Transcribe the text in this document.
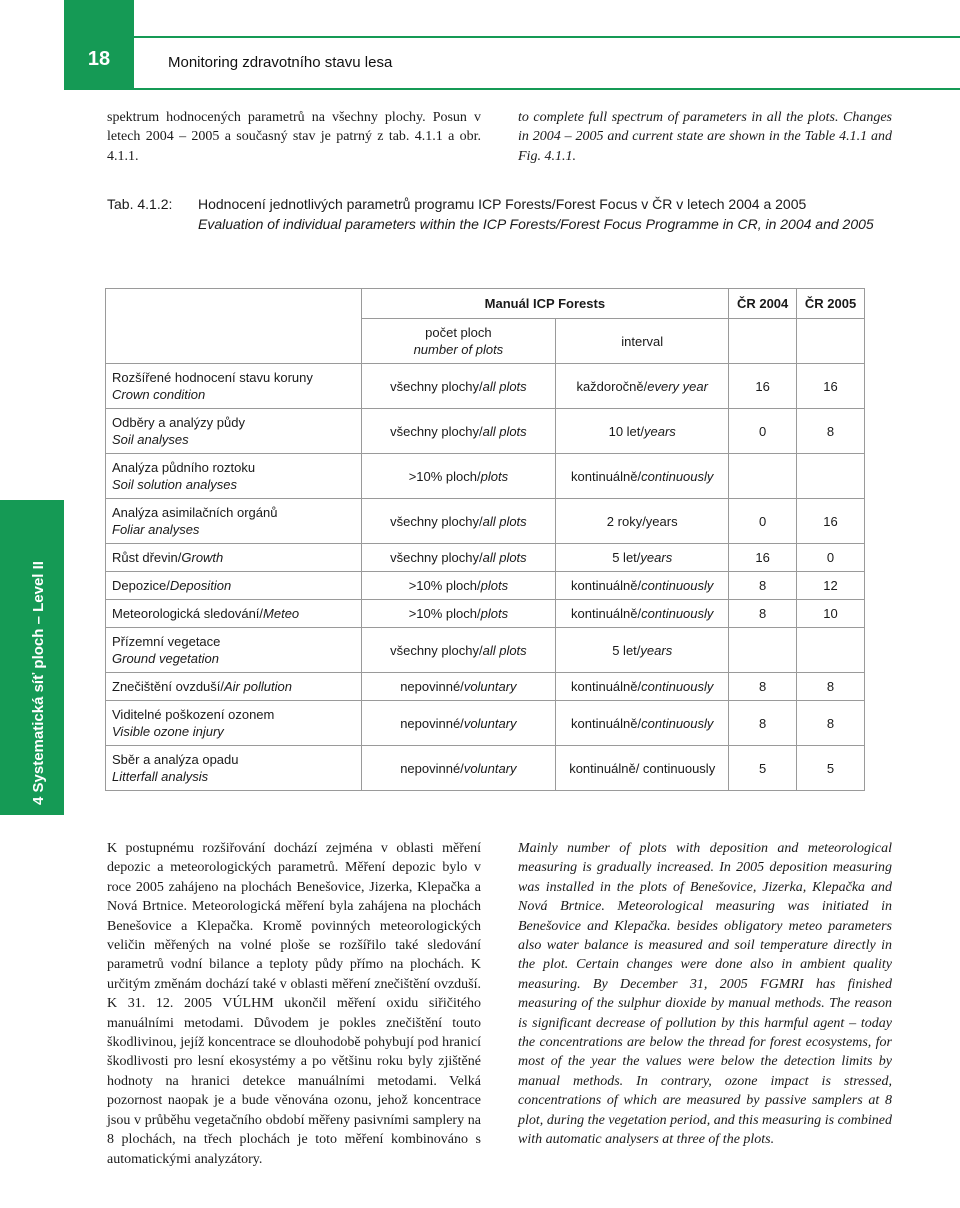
18	Monitoring zdravotního stavu lesa
4 Systematická síť ploch – Level II
spektrum hodnocených parametrů na všechny plochy. Posun v letech 2004 – 2005 a současný stav je patrný z tab. 4.1.1 a obr. 4.1.1.
to complete full spectrum of parameters in all the plots. Changes in 2004 – 2005 and current state are shown in the Table 4.1.1 and Fig. 4.1.1.
Tab. 4.1.2: Hodnocení jednotlivých parametrů programu ICP Forests/Forest Focus v ČR v letech 2004 a 2005
Evaluation of individual parameters within the ICP Forests/Forest Focus Programme in CR, in 2004 and 2005
	Manuál ICP Forests		ČR 2004	ČR 2005

	počet ploch
number of plots	interval		

Rozšířené hodnocení stavu koruny
Crown condition	všechny plochy/all plots	každoročně/every year	16	16

Odběry a analýzy půdy
Soil analyses	všechny plochy/all plots	10 let/years	0	8

Analýza půdního roztoku
Soil solution analyses	>10% ploch/plots	kontinuálně/continuously		

Analýza asimilačních orgánů
Foliar analyses	všechny plochy/all plots	2 roky/years	0	16
Růst dřevin/Growth	všechny plochy/all plots	5 let/years	16	0
Depozice/Deposition	>10% ploch/plots	kontinuálně/continuously	8	12
Meteorologická sledování/Meteo	>10% ploch/plots	kontinuálně/continuously	8	10

Přízemní vegetace
Ground vegetation	všechny plochy/all plots	5 let/years		
Znečištění ovzduší/Air pollution	nepovinné/voluntary	kontinuálně/continuously	8	8

Viditelné poškození ozonem
Visible ozone injury	nepovinné/voluntary	kontinuálně/continuously	8	8

Sběr a analýza opadu
Litterfall analysis	nepovinné/voluntary	kontinuálně/ continuously	5	5
K postupnému rozšiřování dochází zejména v oblasti měření depozic a meteorologických parametrů. Měření depozic bylo v roce 2005 zahájeno na plochách Benešovice, Jizerka, Klepačka a Nová Brtnice. Meteorologická měření byla zahájena na plochách Benešovice a Klepačka. Kromě povinných meteorologických veličin měřených na volné ploše se rozšířilo také sledování parametrů vodní bilance a teploty půdy přímo na plochách. K určitým změnám dochází také v oblasti měření znečištění ovzduší. K 31. 12. 2005 VÚLHM ukončil měření oxidu siřičitého manuálními metodami. Důvodem je pokles znečištění touto škodlivinou, jejíž koncentrace se dlouhodobě pohybují pod hranicí škodlivosti pro lesní ekosystémy a po většinu roku byly zjištěné hodnoty na hranici detekce manuálními metodami. Velká pozornost naopak je a bude věnována ozonu, jehož koncentrace jsou v průběhu vegetačního období měřeny pasivními samplery na 8 plochách, na třech plochách je toto měření kombinováno s automatickými analyzátory.
Mainly number of plots with deposition and meteorological measuring is gradually increased. In 2005 deposition measuring was installed in the plots of Benešovice, Jizerka, Klepačka and Nová Brtnice. Meteorological measuring was initiated in Benešovice and Klepačka. besides obligatory meteo parameters also water balance is measured and soil temperature directly in the plot. Certain changes were done also in ambient quality measuring. By December 31, 2005 FGMRI has finished measuring of the sulphur dioxide by manual methods. The reason is significant decrease of pollution by this harmful agent – today the concentrations are below the thread for forest ecosystems, for most of the year the values were below the detection limits by manual methods. In contrary, ozone impact is stressed, concentrations of which are measured by passive samplers at 8 plot, during the vegetation period, and this measuring is combined with automatic analysers at three of the plots.
